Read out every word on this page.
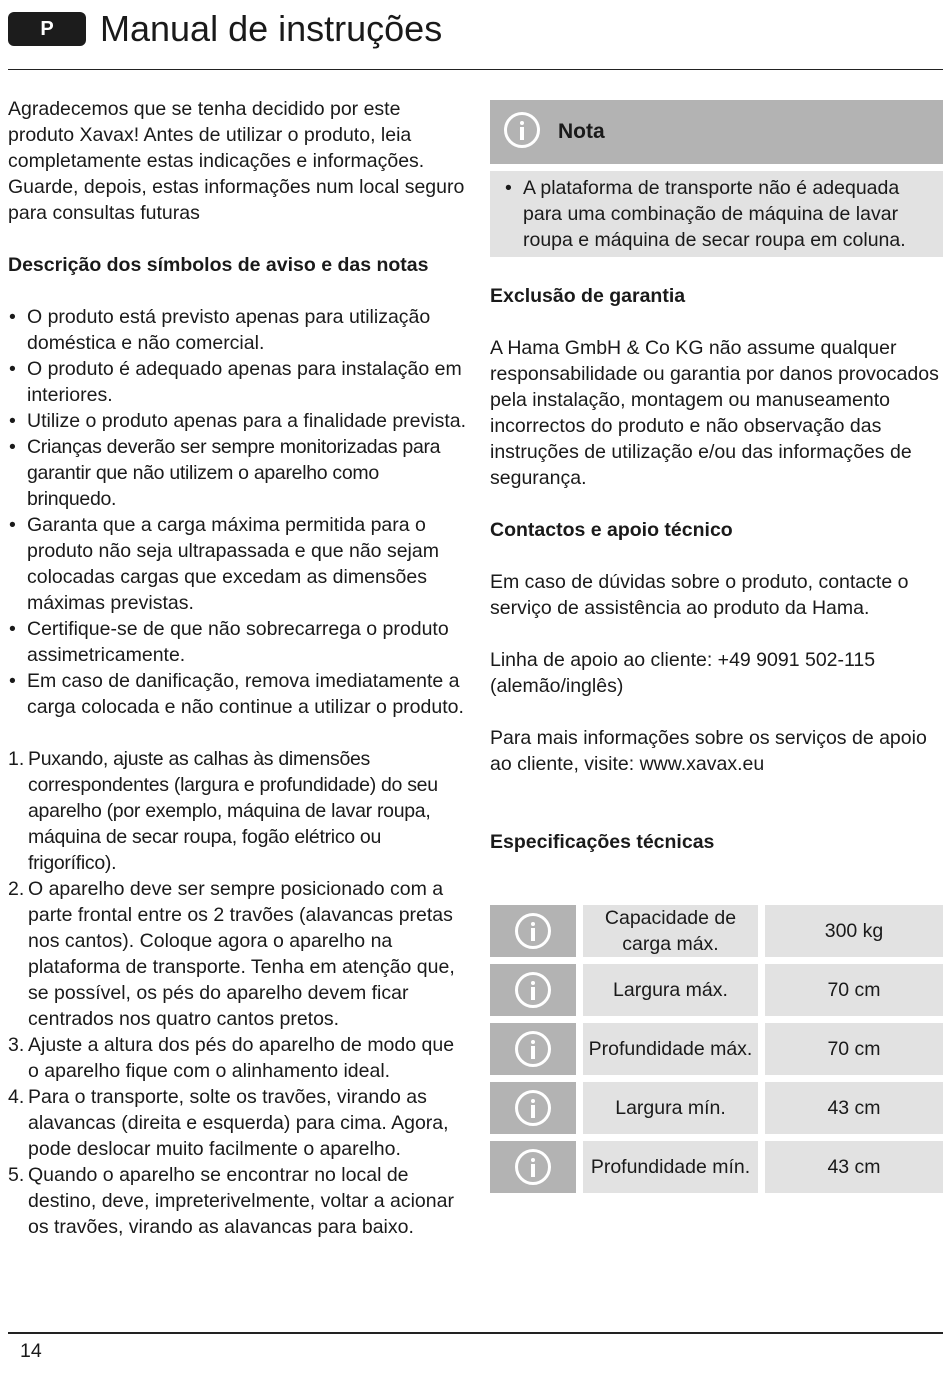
P	Manual de instruções

Agradecemos que se tenha decidido por este produto Xavax! Antes de utilizar o produto, leia completamente estas indicações e informações. Guarde, depois, estas informações num local seguro para consultas futuras

Descrição dos símbolos de aviso e das notas

• O produto está previsto apenas para utilização doméstica e não comercial.
• O produto é adequado apenas para instalação em interiores.
• Utilize o produto apenas para a finalidade prevista.
• Crianças deverão ser sempre monitorizadas para garantir que não utilizem o aparelho como brinquedo.
• Garanta que a carga máxima permitida para o produto não seja ultrapassada e que não sejam colocadas cargas que excedam as dimensões máximas previstas.
• Certifique-se de que não sobrecarrega o produto assimetricamente.
• Em caso de danificação, remova imediatamente a carga colocada e não continue a utilizar o produto.
1. Puxando, ajuste as calhas às dimensões correspondentes (largura e profundidade) do seu aparelho (por exemplo, máquina de lavar roupa, máquina de secar roupa, fogão elétrico ou frigorífico).
2. O aparelho deve ser sempre posicionado com a parte frontal entre os 2 travões (alavancas pretas nos cantos). Coloque agora o aparelho na plataforma de transporte. Tenha em atenção que, se possível, os pés do aparelho devem ficar centrados nos quatro cantos pretos.
3. Ajuste a altura dos pés do aparelho de modo que o aparelho fique com o alinhamento ideal.
4. Para o transporte, solte os travões, virando as alavancas (direita e esquerda) para cima. Agora, pode deslocar muito facilmente o aparelho.
5. Quando o aparelho se encontrar no local de destino, deve, impreterivelmente, voltar a acionar os travões, virando as alavancas para baixo.
Nota
• A plataforma de transporte não é adequada para uma combinação de máquina de lavar roupa e máquina de secar roupa em coluna.

Exclusão de garantia

A Hama GmbH & Co KG não assume qualquer responsabilidade ou garantia por danos provocados pela instalação, montagem ou manuseamento incorrectos do produto e não observação das instruções de utilização e/ou das informações de segurança.

Contactos e apoio técnico

Em caso de dúvidas sobre o produto, contacte o serviço de assistência ao produto da Hama.

Linha de apoio ao cliente: +49 9091 502-115 (alemão/inglês)

Para mais informações sobre os serviços de apoio ao cliente, visite: www.xavax.eu

Especificações técnicas

Capacidade de carga máx.
300 kg
Largura máx.	70 cm
Profundidade máx.	70 cm
Largura mín.	43 cm
Profundidade mín.	43 cm
14
